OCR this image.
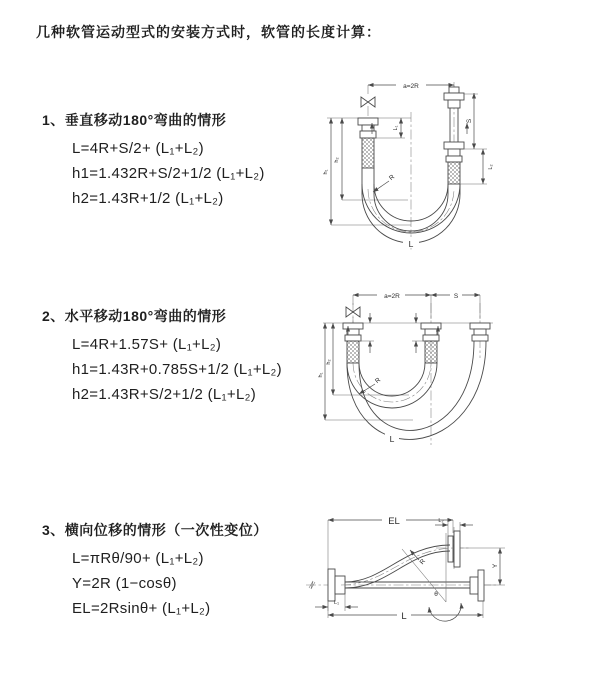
几种软管运动型式的安装方式时，软管的长度计算：
1、垂直移动180°弯曲的情形
L=4R+S/2+ (L₁+L₂)
h1=1.432R+S/2+1/2 (L₁+L₂)
h2=1.43R+1/2 (L₁+L₂)
2、水平移动180°弯曲的情形
L=4R+1.57S+ (L₁+L₂)
h1=1.43R+0.785S+1/2 (L₁+L₂)
h2=1.43R+S/2+1/2 (L₁+L₂)
3、横向位移的情形（一次性变位）
L=πRθ/90+ (L₁+L₂)
Y=2R (1−cosθ)
EL=2Rsinθ+ (L₁+L₂)
a=2R
L₁
S
L₂
h₁
h₂
R
L
a=2R	S
h₁
h₂
R
L
EL	L₂
L₁
θ
R	Y
L
